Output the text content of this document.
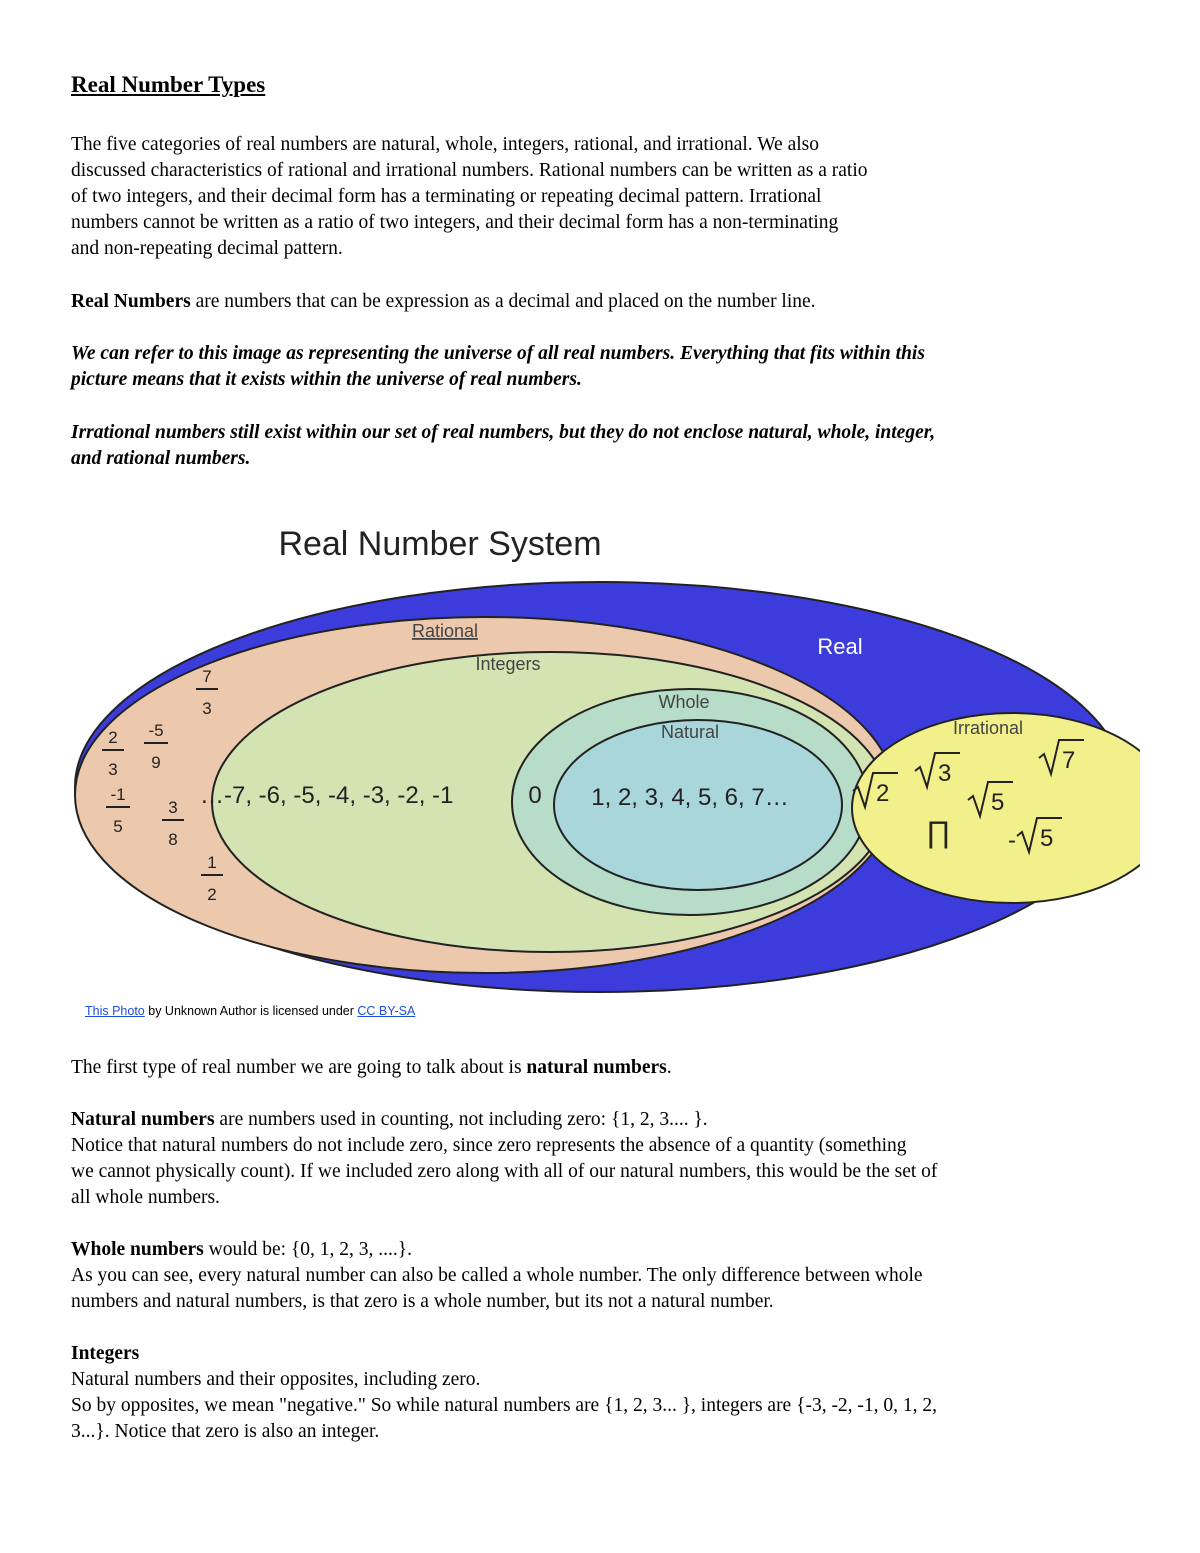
Real Number Types
The five categories of real numbers are natural, whole, integers, rational, and irrational. We also
discussed characteristics of rational and irrational numbers. Rational numbers can be written as a ratio
of two integers, and their decimal form has a terminating or repeating decimal pattern. Irrational
numbers cannot be written as a ratio of two integers, and their decimal form has a non-terminating
and non-repeating decimal pattern.
Real Numbers are numbers that can be expression as a decimal and placed on the number line.
We can refer to this image as representing the universe of all real numbers. Everything that fits within this
picture means that it exists within the universe of real numbers.
Irrational numbers still exist within our set of real numbers, but they do not enclose natural, whole, integer,
and rational numbers.
The first type of real number we are going to talk about is natural numbers.
Natural numbers are numbers used in counting, not including zero: {1, 2, 3.... }.
Notice that natural numbers do not include zero, since zero represents the absence of a quantity (something
we cannot physically count). If we included zero along with all of our natural numbers, this would be the set of
all whole numbers.
Whole numbers would be: {0, 1, 2, 3, ....}.
As you can see, every natural number can also be called a whole number. The only difference between whole
numbers and natural numbers, is that zero is a whole number, but its not a natural number.
Integers
Natural numbers and their opposites, including zero.
So by opposites, we mean "negative." So while natural numbers are {1, 2, 3... }, integers are {-3, -2, -1, 0, 1, 2,
3...}. Notice that zero is also an integer.
Real Number System
Real
Rational
Integers
Whole
Natural	Irrational
…-7, -6, -5, -4, -3, -2, -1	0 1, 2, 3, 4, 5, 6, 7…
7
3
2
3
-5
9
-1
5
3
8
1
2
2
3	7
5
∏ - 5
This Photo by Unknown Author is licensed under CC BY-SA
